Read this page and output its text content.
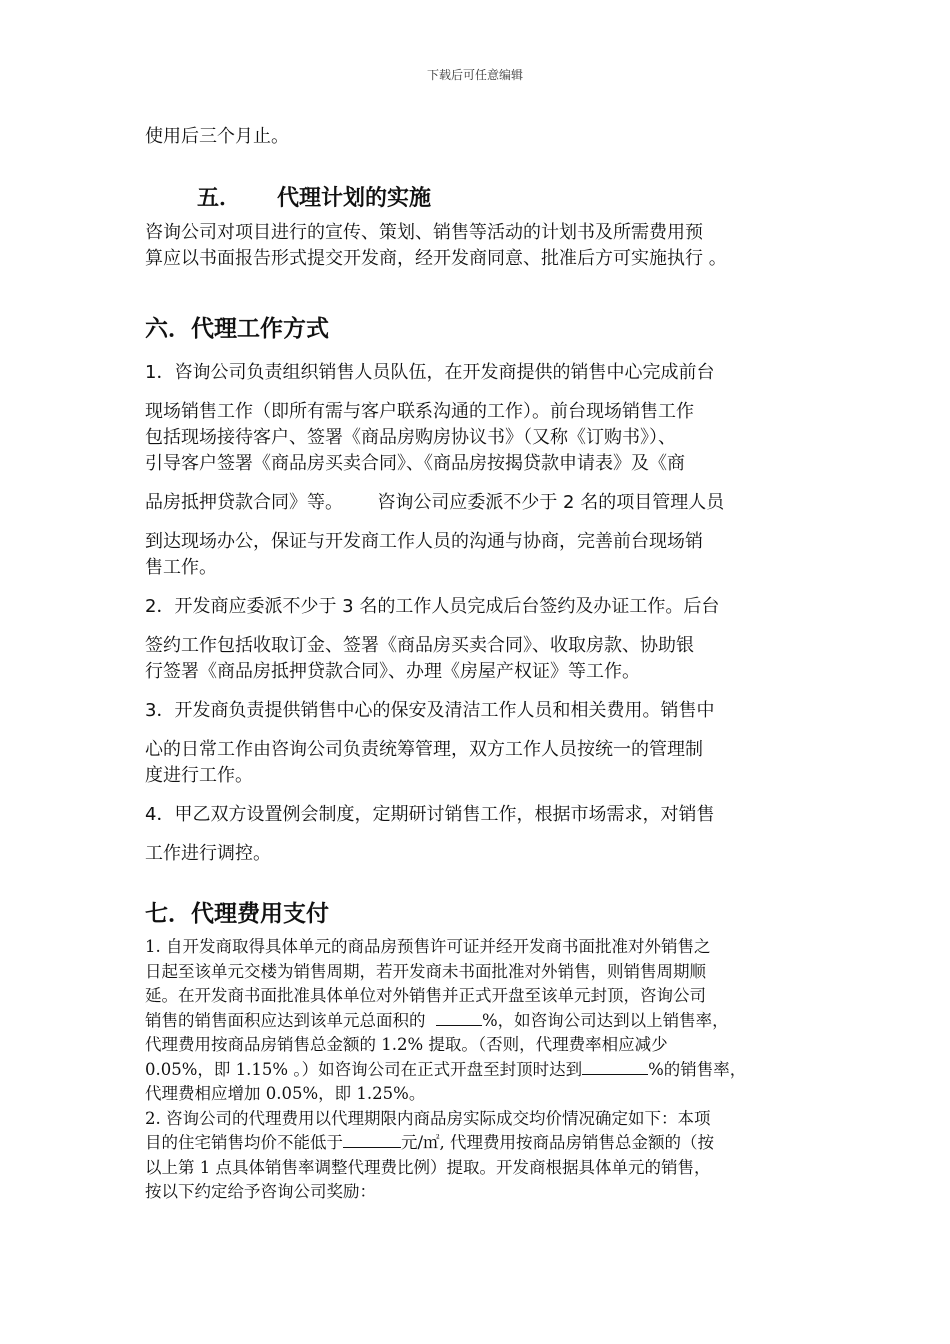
下载后可任意编辑

使用后三个月止。

五． 代理计划的实施

咨询公司对项目进行的宣传、策划、销售等活动的计划书及所需费用预

算应以书面报告形式提交开发商，经开发商同意、批准后方可实施执行 。

六．代理工作方式

1．咨询公司负责组织销售人员队伍，在开发商提供的销售中心完成前台

现场销售工作（即所有需与客户联系沟通的工作）。前台现场销售工作

包括现场接待客户、签署《商品房购房协议书》（又称《订购书》）、

引导客户签署《商品房买卖合同》、《商品房按揭贷款申请表》及《商

品房抵押贷款合同》等。      咨询公司应委派不少于 2 名的项目管理人员

到达现场办公，保证与开发商工作人员的沟通与协商，完善前台现场销

售工作。

2．开发商应委派不少于 3 名的工作人员完成后台签约及办证工作。后台

签约工作包括收取订金、签署《商品房买卖合同》、收取房款、协助银

行签署《商品房抵押贷款合同》、办理《房屋产权证》等工作。

3．开发商负责提供销售中心的保安及清洁工作人员和相关费用。销售中

心的日常工作由咨询公司负责统筹管理，双方工作人员按统一的管理制

度进行工作。

4．甲乙双方设置例会制度，定期研讨销售工作，根据市场需求，对销售

工作进行调控。

七．代理费用支付

1. 自开发商取得具体单元的商品房预售许可证并经开发商书面批准对外销售之

日起至该单元交楼为销售周期，若开发商未书面批准对外销售，则销售周期顺

延。在开发商书面批准具体单位对外销售并正式开盘至该单元封顶，咨询公司

销售的销售面积应达到该单元总面积的	%，如咨询公司达到以上销售率，

代理费用按商品房销售总金额的 1.2% 提取。（否则，代理费率相应减少

0.05%，即 1.15% 。）如咨询公司在正式开盘至封顶时达到	%的销售率，

代理费相应增加 0.05%，即 1.25%。

2. 咨询公司的代理费用以代理期限内商品房实际成交均价情况确定如下：本项

目的住宅销售均价不能低于	元/㎡, 代理费用按商品房销售总金额的（按

以上第 1 点具体销售率调整代理费比例）提取。开发商根据具体单元的销售，

按以下约定给予咨询公司奖励：
